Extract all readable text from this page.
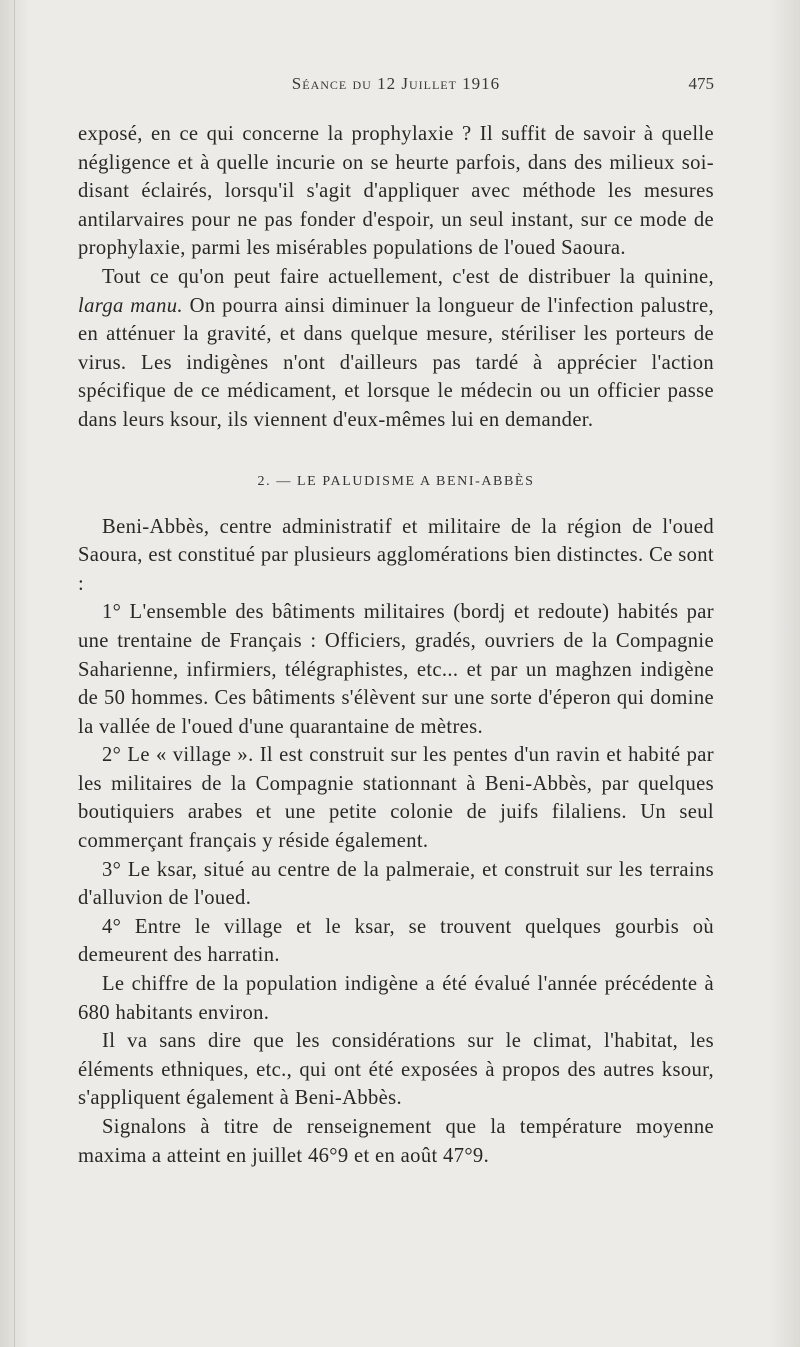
Séance du 12 Juillet 1916	475

exposé, en ce qui concerne la prophylaxie ? Il suffit de savoir à quelle négligence et à quelle incurie on se heurte parfois, dans des milieux soi-disant éclairés, lorsqu'il s'agit d'appliquer avec méthode les mesures antilarvaires pour ne pas fonder d'espoir, un seul instant, sur ce mode de prophylaxie, parmi les misérables populations de l'oued Saoura.

Tout ce qu'on peut faire actuellement, c'est de distribuer la quinine, larga manu. On pourra ainsi diminuer la longueur de l'infection palustre, en atténuer la gravité, et dans quelque mesure, stériliser les porteurs de virus. Les indigènes n'ont d'ailleurs pas tardé à apprécier l'action spécifique de ce médicament, et lorsque le médecin ou un officier passe dans leurs ksour, ils viennent d'eux-mêmes lui en demander.

2. — LE PALUDISME A BENI-ABBÈS

Beni-Abbès, centre administratif et militaire de la région de l'oued Saoura, est constitué par plusieurs agglomérations bien distinctes. Ce sont :

1° L'ensemble des bâtiments militaires (bordj et redoute) habités par une trentaine de Français : Officiers, gradés, ouvriers de la Compagnie Saharienne, infirmiers, télégraphistes, etc... et par un maghzen indigène de 50 hommes. Ces bâtiments s'élèvent sur une sorte d'éperon qui domine la vallée de l'oued d'une quarantaine de mètres.

2° Le « village ». Il est construit sur les pentes d'un ravin et habité par les militaires de la Compagnie stationnant à Beni-Abbès, par quelques boutiquiers arabes et une petite colonie de juifs filaliens. Un seul commerçant français y réside également.

3° Le ksar, situé au centre de la palmeraie, et construit sur les terrains d'alluvion de l'oued.

4° Entre le village et le ksar, se trouvent quelques gourbis où demeurent des harratin.

Le chiffre de la population indigène a été évalué l'année précédente à 680 habitants environ.

Il va sans dire que les considérations sur le climat, l'habitat, les éléments ethniques, etc., qui ont été exposées à propos des autres ksour, s'appliquent également à Beni-Abbès.

Signalons à titre de renseignement que la température moyenne maxima a atteint en juillet 46°9 et en août 47°9.
